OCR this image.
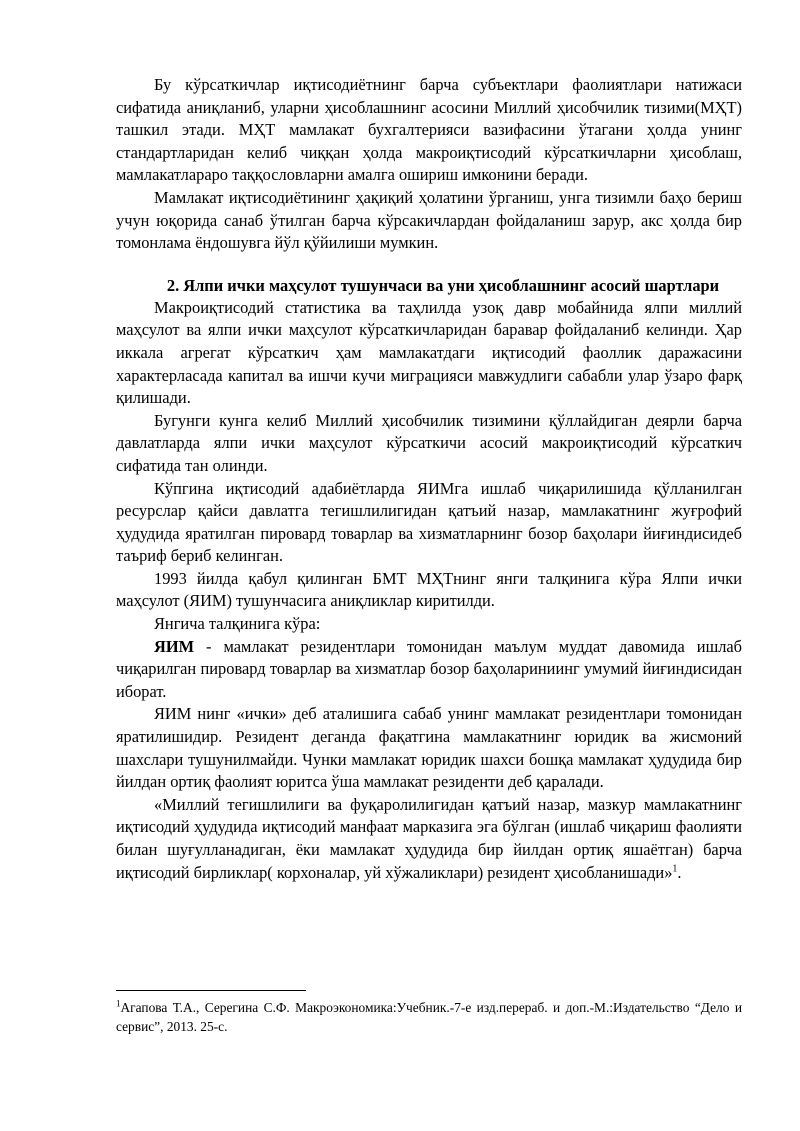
Бу кўрсаткичлар иқтисодиётнинг барча субъектлари фаолиятлари натижаси сифатида аниқланиб, уларни ҳисоблашнинг асосини Миллий ҳисобчилик тизими(МҲТ) ташкил этади. МҲТ мамлакат бухгалтерияси вазифасини ўтагани ҳолда унинг стандартларидан келиб чиққан ҳолда макроиқтисодий кўрсаткичларни ҳисоблаш, мамлакатлараро таққословларни амалга ошириш имконини беради.

Мамлакат иқтисодиётининг ҳақиқий ҳолатини ўрганиш, унга тизимли баҳо бериш учун юқорида санаб ўтилган барча кўрсакичлардан фойдаланиш зарур, акс ҳолда бир томонлама ёндошувга йўл қўйилиши мумкин.

2. Ялпи ички маҳсулот тушунчаси ва уни ҳисоблашнинг асосий шартлари

Макроиқтисодий статистика ва таҳлилда узоқ давр мобайнида ялпи миллий маҳсулот ва ялпи ички маҳсулот кўрсаткичларидан баравар фойдаланиб келинди. Ҳар иккала агрегат кўрсаткич ҳам мамлакатдаги иқтисодий фаоллик даражасини характерласада капитал ва ишчи кучи миграцияси мавжудлиги сабабли улар ўзаро фарқ қилишади.

Бугунги кунга келиб Миллий ҳисобчилик тизимини қўллайдиган деярли барча давлатларда ялпи ички маҳсулот кўрсаткичи асосий макроиқтисодий кўрсаткич сифатида тан олинди.

Кўпгина иқтисодий адабиётларда ЯИМга ишлаб чиқарилишида қўлланилган ресурслар қайси давлатга тегишлилигидан қатъий назар, мамлакатнинг жуғрофий ҳудудида яратилган пировард товарлар ва хизматларнинг бозор баҳолари йиғиндисидеб таъриф бериб келинган.

1993 йилда қабул қилинган БМТ МҲТнинг янги талқинига кўра Ялпи ички маҳсулот (ЯИМ) тушунчасига аниқликлар киритилди.

Янгича талқинига кўра:

ЯИМ - мамлакат резидентлари томонидан маълум муддат давомида ишлаб чиқарилган пировард товарлар ва хизматлар бозор баҳолариниинг умумий йиғиндисидан иборат.

ЯИМ нинг «ички» деб аталишига сабаб унинг мамлакат резидентлари томонидан яратилишидир. Резидент деганда фақатгина мамлакатнинг юридик ва жисмоний шахслари тушунилмайди. Чунки мамлакат юридик шахси бошқа мамлакат ҳудудида бир йилдан ортиқ фаолият юритса ўша мамлакат резиденти деб қаралади.

«Миллий тегишлилиги ва фуқаролилигидан қатъий назар, мазкур мамлакатнинг иқтисодий ҳудудида иқтисодий манфаат марказига эга бўлган (ишлаб чиқариш фаолияти билан шуғулланадиган, ёки мамлакат ҳудудида бир йилдан ортиқ яшаётган) барча иқтисодий бирликлар( корхоналар, уй хўжаликлари) резидент ҳисобланишади»$^1$.

$^1$Агапова Т.А., Серегина С.Ф. Макроэкономика:Учебник.-7-е изд.перераб. и доп.-М.:Издательство “Дело и сервис”, 2013. 25-с.
